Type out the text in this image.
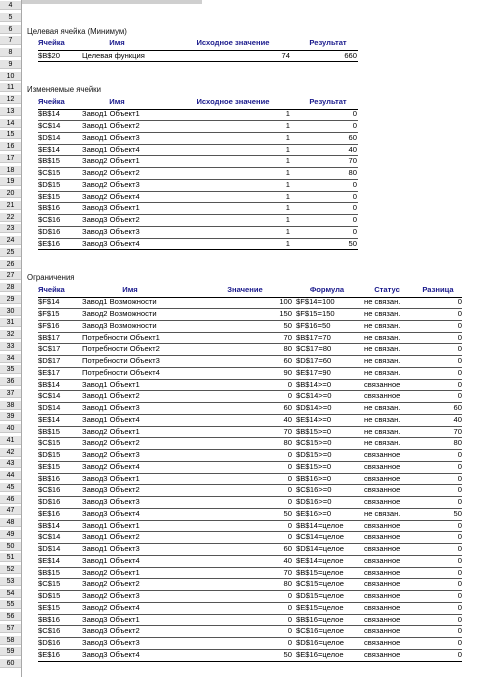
4
5
6
7
8
9
10
11
12
13
14
15
16
17
18
19
20
21
22
23
24
25
26
27
28
29
30
31
32
33
34
35
36
37
38
39
40
41
42
43
44
45
46
47
48
49
50
51
52
53
54
55
56
57
58
59
60
Целевая ячейка (Минимум)
Ячейка	Имя	Исходное значение	Результат
$B$20	Целевая функция	74	660
Изменяемые ячейки
Ячейка	Имя	Исходное значение	Результат
$B$14	Завод1 Объект1	1	0
$C$14	Завод1 Объект2	1	0
$D$14	Завод1 Объект3	1	60
$E$14	Завод1 Объект4	1	40
$B$15	Завод2 Объект1	1	70
$C$15	Завод2 Объект2	1	80
$D$15	Завод2 Объект3	1	0
$E$15	Завод2 Объект4	1	0
$B$16	Завод3 Объект1	1	0
$C$16	Завод3 Объект2	1	0
$D$16	Завод3 Объект3	1	0
$E$16	Завод3 Объект4	1	50
Ограничения
Ячейка	Имя	Значение	Формула	Статус	Разница
$F$14	Завод1 Возможности	100 $F$14=100	не связан.	0
$F$15	Завод2 Возможности	150 $F$15=150	не связан.	0
$F$16	Завод3 Возможности	50 $F$16=50	не связан.	0
$B$17	Потребности Объект1	70 $B$17=70	не связан.	0
$C$17	Потребности Объект2	80 $C$17=80	не связан.	0
$D$17	Потребности Объект3	60 $D$17=60	не связан.	0
$E$17	Потребности Объект4	90 $E$17=90	не связан.	0
$B$14	Завод1 Объект1	0 $B$14>=0	связанное	0
$C$14	Завод1 Объект2	0 $C$14>=0	связанное	0
$D$14	Завод1 Объект3	60 $D$14>=0	не связан.	60
$E$14	Завод1 Объект4	40 $E$14>=0	не связан.	40
$B$15	Завод2 Объект1	70 $B$15>=0	не связан.	70
$C$15	Завод2 Объект2	80 $C$15>=0	не связан.	80
$D$15	Завод2 Объект3	0 $D$15>=0	связанное	0
$E$15	Завод2 Объект4	0 $E$15>=0	связанное	0
$B$16	Завод3 Объект1	0 $B$16>=0	связанное	0
$C$16	Завод3 Объект2	0 $C$16>=0	связанное	0
$D$16	Завод3 Объект3	0 $D$16>=0	связанное	0
$E$16	Завод3 Объект4	50 $E$16>=0	не связан.	50
$B$14	Завод1 Объект1	0 $B$14=целое	связанное	0
$C$14	Завод1 Объект2	0 $C$14=целое	связанное	0
$D$14	Завод1 Объект3	60 $D$14=целое	связанное	0
$E$14	Завод1 Объект4	40 $E$14=целое	связанное	0
$B$15	Завод2 Объект1	70 $B$15=целое	связанное	0
$C$15	Завод2 Объект2	80 $C$15=целое	связанное	0
$D$15	Завод2 Объект3	0 $D$15=целое	связанное	0
$E$15	Завод2 Объект4	0 $E$15=целое	связанное	0
$B$16	Завод3 Объект1	0 $B$16=целое	связанное	0
$C$16	Завод3 Объект2	0 $C$16=целое	связанное	0
$D$16	Завод3 Объект3	0 $D$16=целое	связанное	0
$E$16	Завод3 Объект4	50 $E$16=целое	связанное	0
